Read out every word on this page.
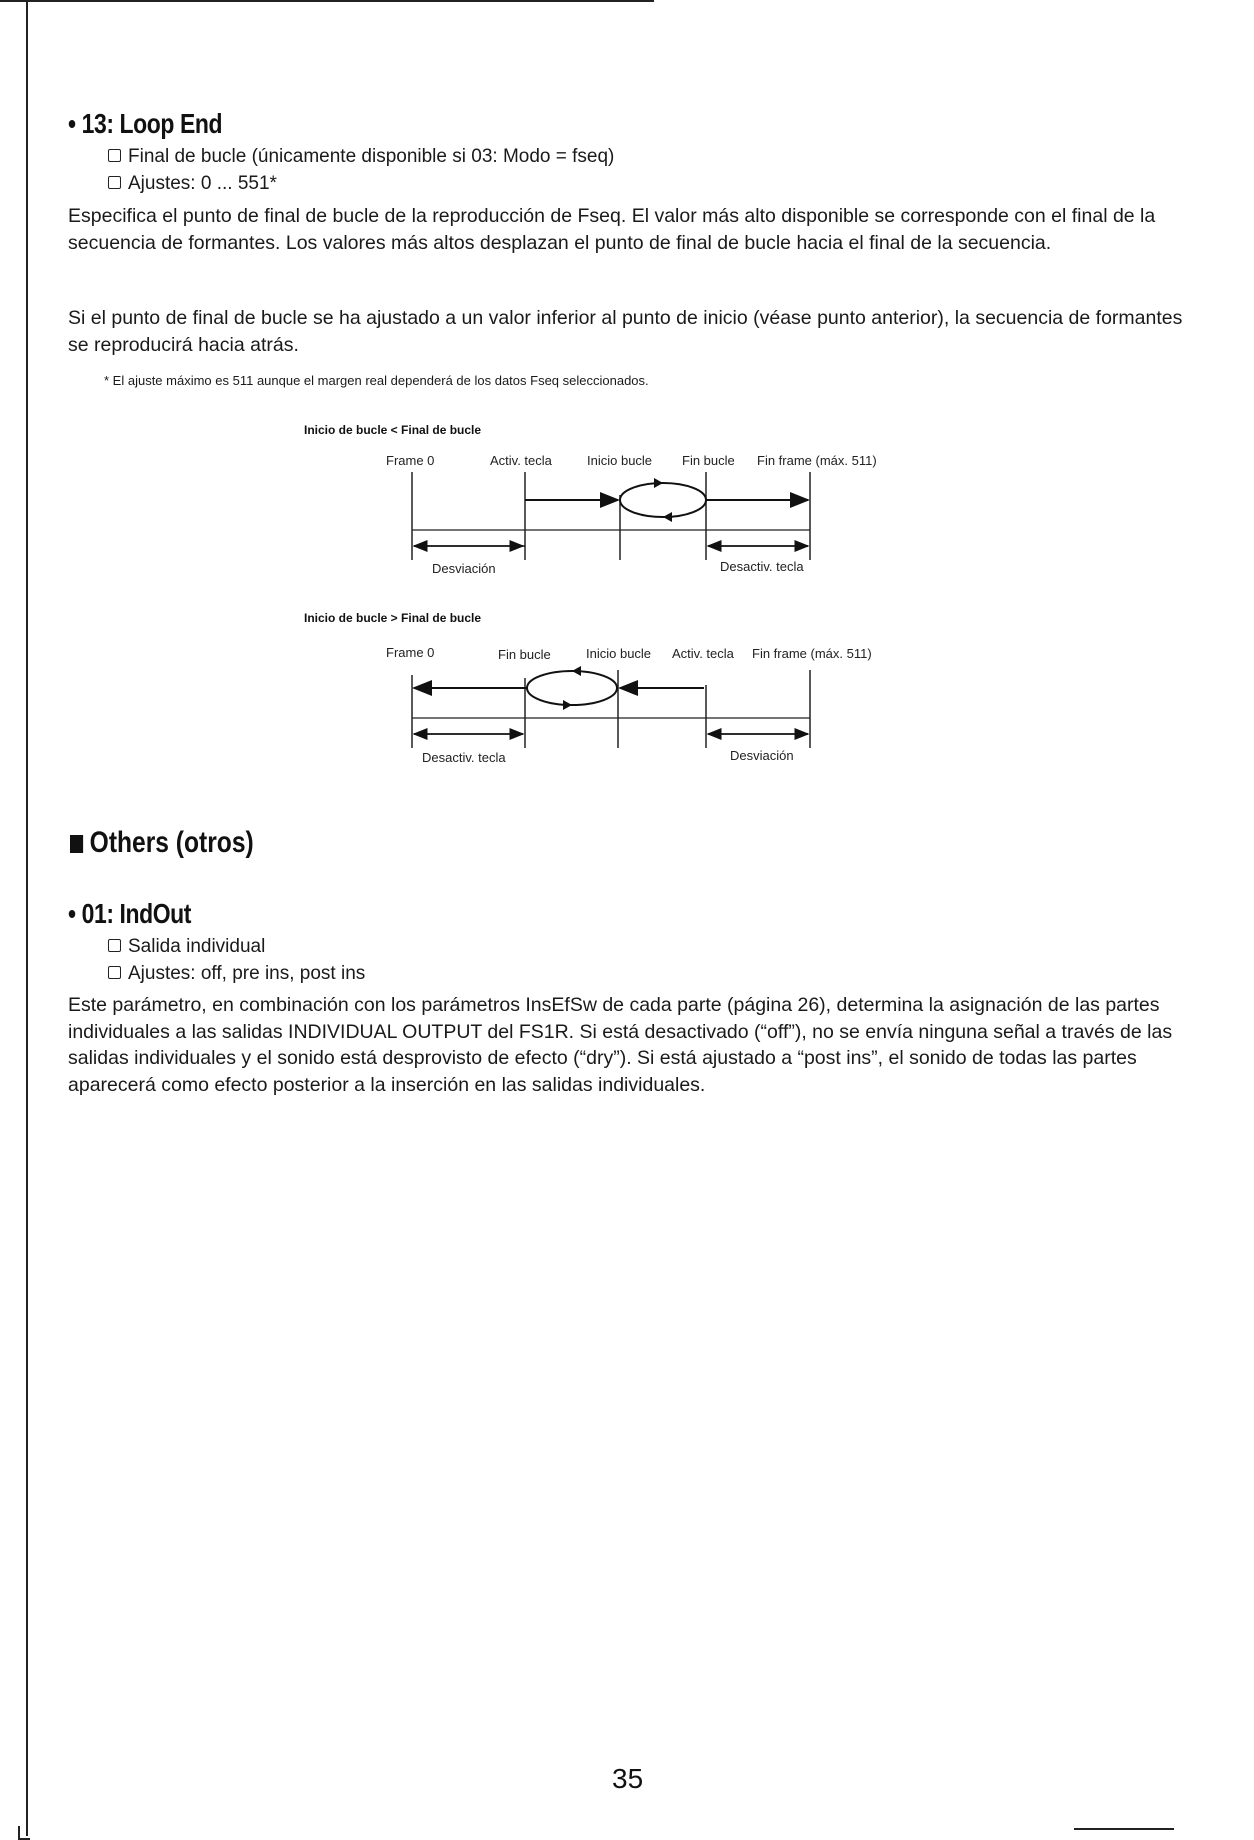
• 13: Loop End
Final de bucle (únicamente disponible si 03: Modo = fseq)
Ajustes: 0 ... 551*
Especifica el punto de final de bucle de la reproducción de Fseq. El valor más alto disponible se corresponde con el final de la secuencia de formantes. Los valores más altos desplazan el punto de final de bucle hacia el final de la secuencia.
Si el punto de final de bucle se ha ajustado a un valor inferior al punto de inicio (véase punto anterior), la secuencia de formantes se reproducirá hacia atrás.
* El ajuste máximo es 511 aunque el margen real dependerá de los datos Fseq seleccionados.
Inicio de bucle < Final de bucle
Frame 0	Activ. tecla	Inicio bucle Fin bucle Fin frame (máx. 511)
Desviación	Desactiv. tecla
Inicio de bucle > Final de bucle
Frame 0	Fin bucle	Inicio bucle Activ. tecla Fin frame (máx. 511)
Desactiv. tecla	Desviación
Others (otros)
• 01: IndOut
Salida individual
Ajustes: off, pre ins, post ins
Este parámetro, en combinación con los parámetros InsEfSw de cada parte (página 26), determina la asignación de las partes individuales a las salidas INDIVIDUAL OUTPUT del FS1R. Si está desactivado (“off”), no se envía ninguna señal a través de las salidas individuales y el sonido está desprovisto de efecto (“dry”). Si está ajustado a “post ins”, el sonido de todas las partes aparecerá como efecto posterior a la inserción en las salidas individuales.
35
